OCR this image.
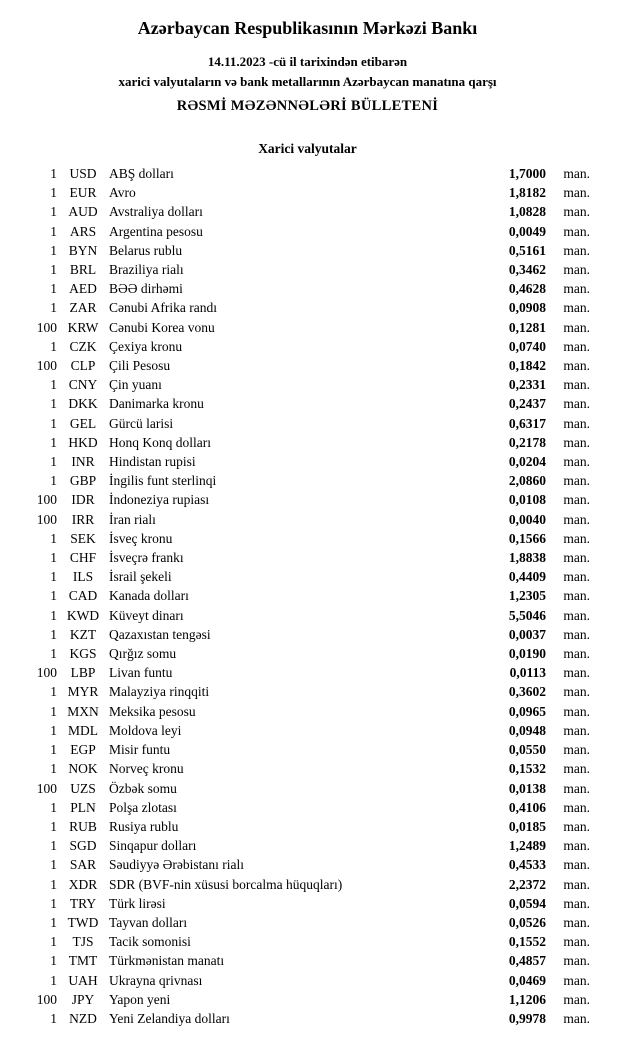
Azərbaycan Respublikasının Mərkəzi Bankı
14.11.2023 -cü il tarixindən etibarən
xarici valyutaların və bank metallarının Azərbaycan manatına qarşı
RƏSMİ MƏZƏNNƏLƏRİ BÜLLETENİ
Xarici valyutalar
1	USD	ABŞ dolları	1,7000	man.
1	EUR	Avro	1,8182	man.
1	AUD	Avstraliya dolları	1,0828	man.
1	ARS	Argentina pesosu	0,0049	man.
1	BYN	Belarus rublu	0,5161	man.
1	BRL	Braziliya rialı	0,3462	man.
1	AED	BƏƏ dirhəmi	0,4628	man.
1	ZAR	Cənubi Afrika randı	0,0908	man.
100	KRW	Cənubi Korea vonu	0,1281	man.
1	CZK	Çexiya kronu	0,0740	man.
100	CLP	Çili Pesosu	0,1842	man.
1	CNY	Çin yuanı	0,2331	man.
1	DKK	Danimarka kronu	0,2437	man.
1	GEL	Gürcü larisi	0,6317	man.
1	HKD	Honq Konq dolları	0,2178	man.
1	INR	Hindistan rupisi	0,0204	man.
1	GBP	İngilis funt sterlinqi	2,0860	man.
100	IDR	İndoneziya rupiası	0,0108	man.
100	IRR	İran rialı	0,0040	man.
1	SEK	İsveç kronu	0,1566	man.
1	CHF	İsveçrə frankı	1,8838	man.
1	ILS	İsrail şekeli	0,4409	man.
1	CAD	Kanada dolları	1,2305	man.
1	KWD	Küveyt dinarı	5,5046	man.
1	KZT	Qazaxıstan tengəsi	0,0037	man.
1	KGS	Qırğız somu	0,0190	man.
100	LBP	Livan funtu	0,0113	man.
1	MYR	Malayziya rinqqiti	0,3602	man.
1	MXN	Meksika pesosu	0,0965	man.
1	MDL	Moldova leyi	0,0948	man.
1	EGP	Misir funtu	0,0550	man.
1	NOK	Norveç kronu	0,1532	man.
100	UZS	Özbək somu	0,0138	man.
1	PLN	Polşa zlotası	0,4106	man.
1	RUB	Rusiya rublu	0,0185	man.
1	SGD	Sinqapur dolları	1,2489	man.
1	SAR	Səudiyyə Ərəbistanı rialı	0,4533	man.
1	XDR	SDR (BVF-nin xüsusi borcalma hüquqları)	2,2372	man.
1	TRY	Türk lirəsi	0,0594	man.
1	TWD	Tayvan dolları	0,0526	man.
1	TJS	Tacik somonisi	0,1552	man.
1	TMT	Türkmənistan manatı	0,4857	man.
1	UAH	Ukrayna qrivnası	0,0469	man.
100	JPY	Yapon yeni	1,1206	man.
1	NZD	Yeni Zelandiya dolları	0,9978	man.
